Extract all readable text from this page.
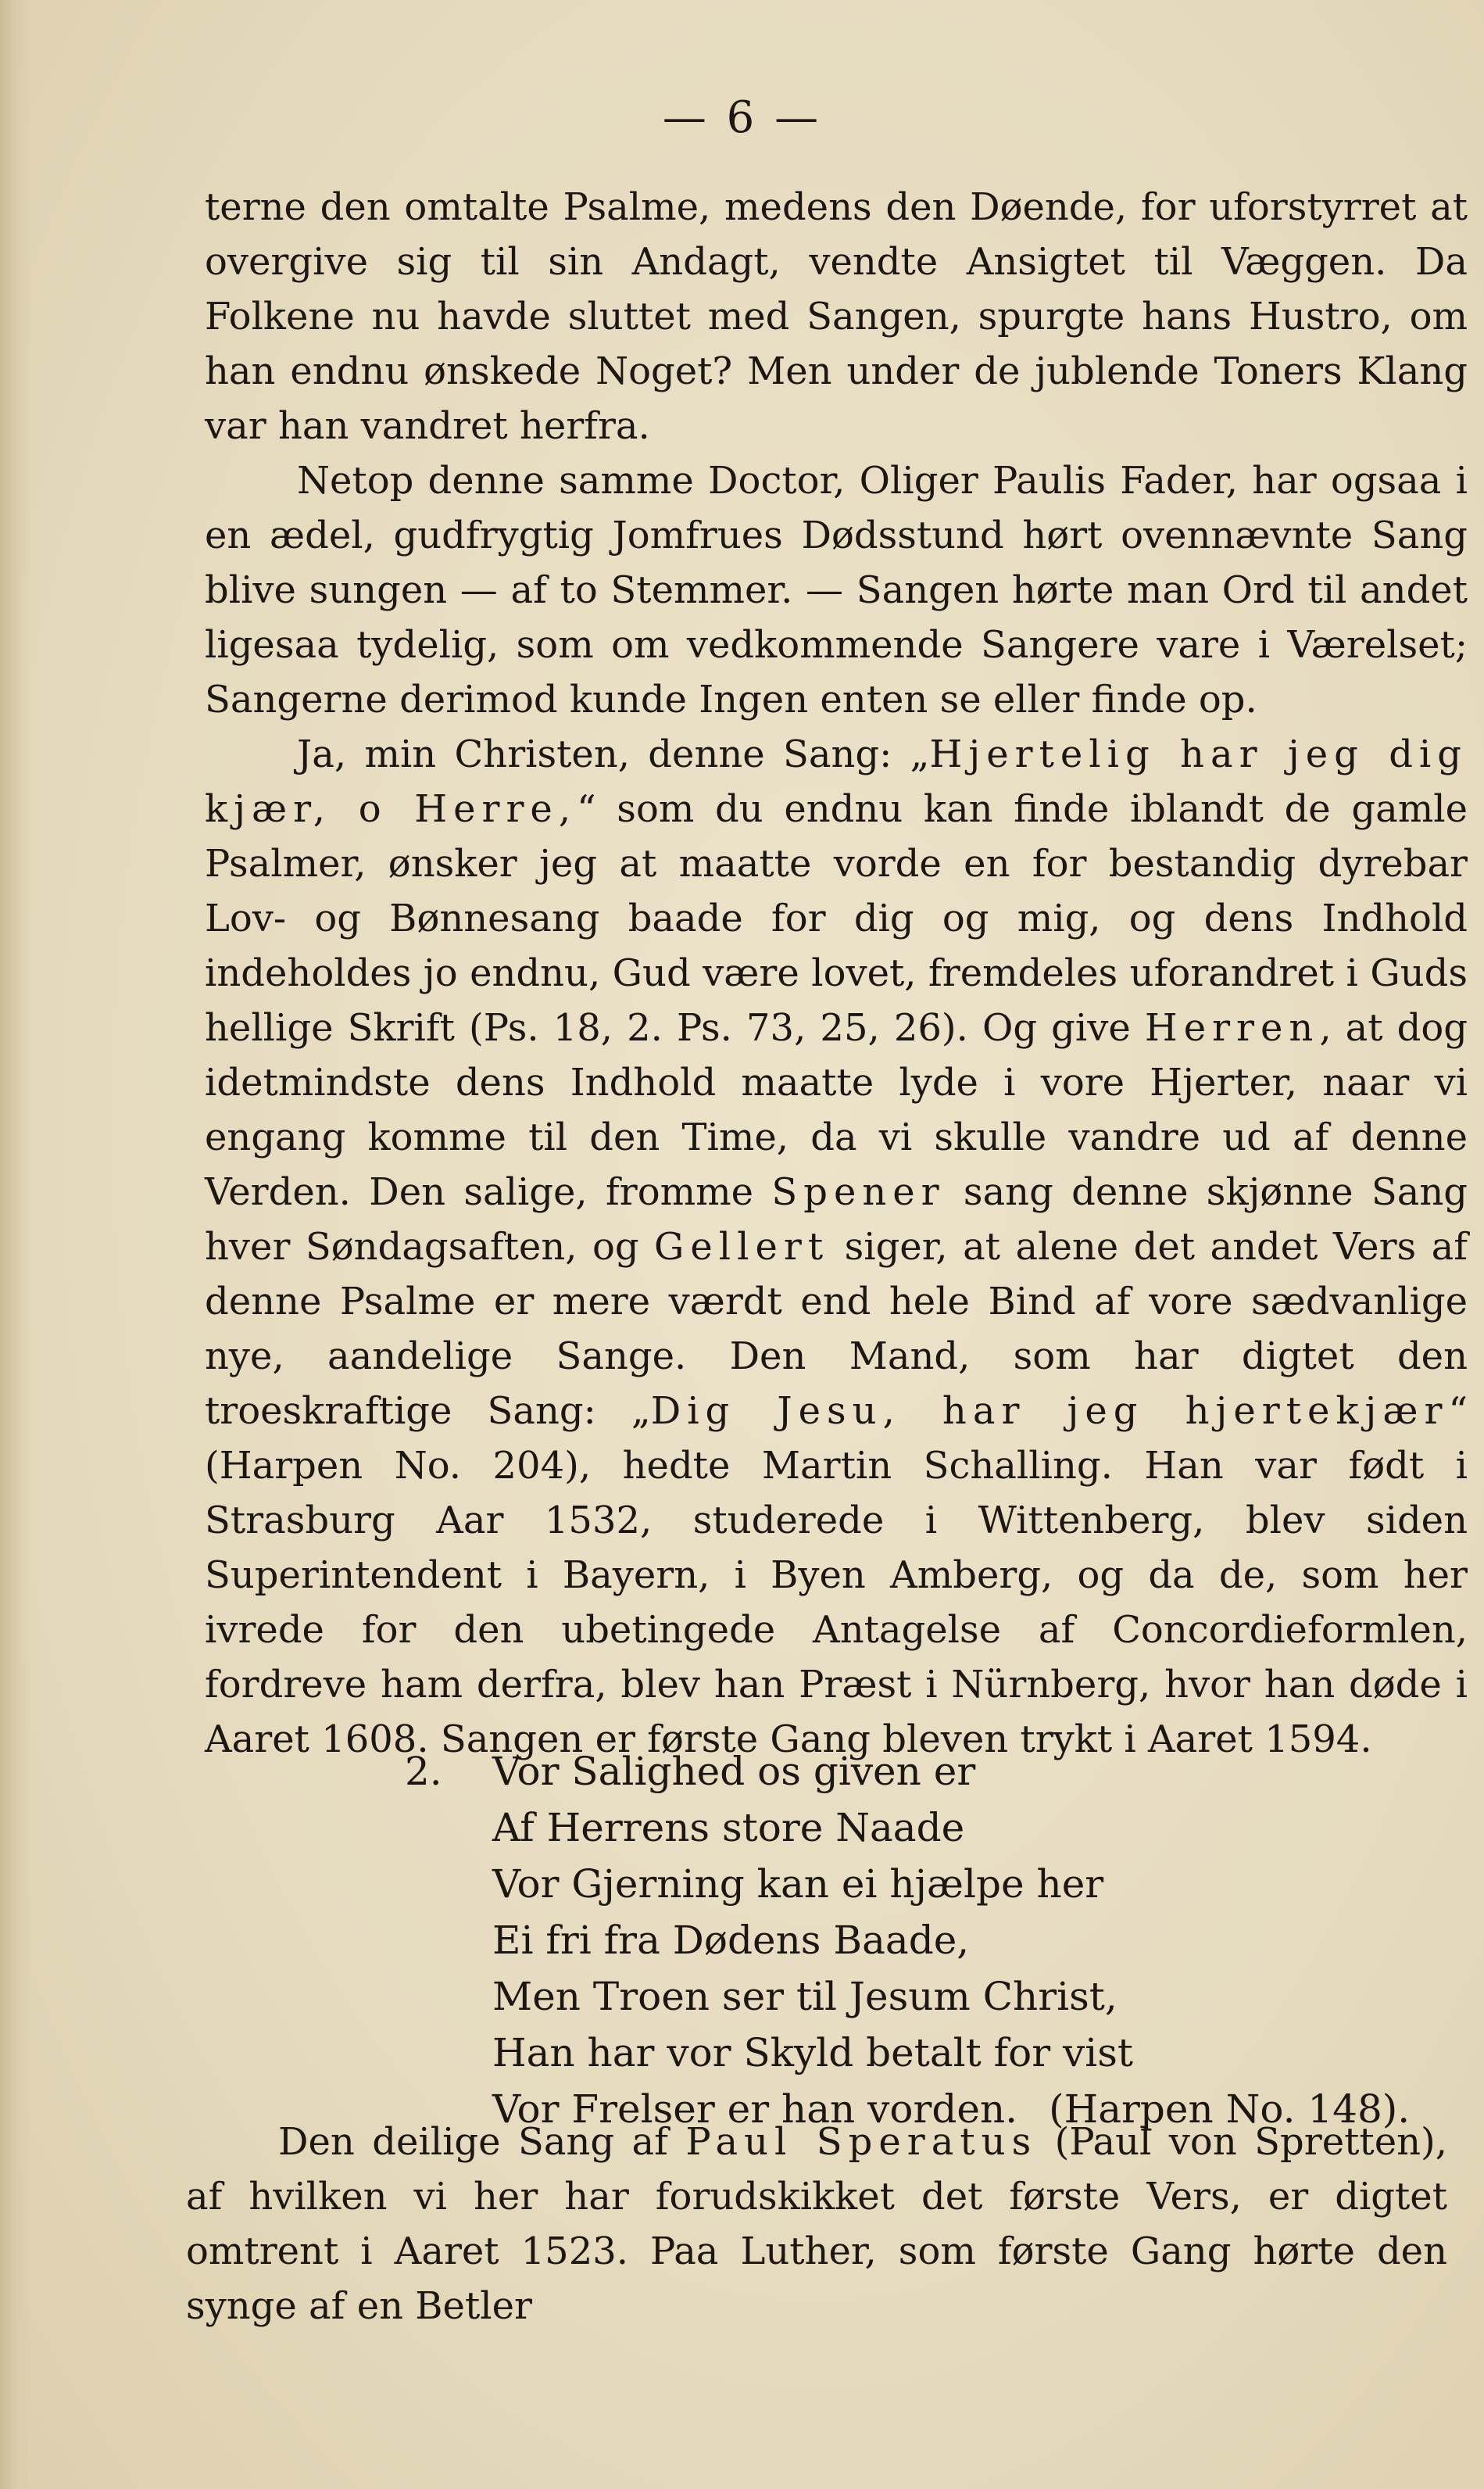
— 6 —

terne den omtalte Psalme, medens den Døende, for uforstyrret at overgive sig til sin Andagt, vendte Ansigtet til Væggen. Da Folkene nu havde sluttet med Sangen, spurgte hans Hustro, om han endnu ønskede Noget? Men under de jublende Toners Klang var han vandret herfra.

Netop denne samme Doctor, Oliger Paulis Fader, har ogsaa i en ædel, gudfrygtig Jomfrues Dødsstund hørt ovennævnte Sang blive sungen — af to Stemmer. — Sangen hørte man Ord til andet ligesaa tydelig, som om vedkommende Sangere vare i Værelset; Sangerne derimod kunde Ingen enten se eller finde op.

Ja, min Christen, denne Sang: „Hjertelig har jeg dig kjær, o Herre,“ som du endnu kan finde iblandt de gamle Psalmer, ønsker jeg at maatte vorde en for bestandig dyrebar Lov- og Bønnesang baade for dig og mig, og dens Indhold indeholdes jo endnu, Gud være lovet, fremdeles uforandret i Guds hellige Skrift (Ps. 18, 2. Ps. 73, 25, 26). Og give Herren, at dog idetmindste dens Indhold maatte lyde i vore Hjerter, naar vi engang komme til den Time, da vi skulle vandre ud af denne Verden. Den salige, fromme Spener sang denne skjønne Sang hver Søndagsaften, og Gellert siger, at alene det andet Vers af denne Psalme er mere værdt end hele Bind af vore sædvanlige nye, aandelige Sange. Den Mand, som har digtet den troeskraftige Sang: „Dig Jesu, har jeg hjertekjær“ (Harpen No. 204), hedte Martin Schalling. Han var født i Strasburg Aar 1532, studerede i Wittenberg, blev siden Superintendent i Bayern, i Byen Amberg, og da de, som her ivrede for den ubetingede Antagelse af Concordieformlen, fordreve ham derfra, blev han Præst i Nürnberg, hvor han døde i Aaret 1608. Sangen er første Gang bleven trykt i Aaret 1594.

2.	Vor Salighed os given er
Af Herrens store Naade
Vor Gjerning kan ei hjælpe her
Ei fri fra Dødens Baade,
Men Troen ser til Jesum Christ,
Han har vor Skyld betalt for vist
Vor Frelser er han vorden. (Harpen No. 148).

Den deilige Sang af Paul Speratus (Paul von Spretten), af hvilken vi her har forudskikket det første Vers, er digtet omtrent i Aaret 1523. Paa Luther, som første Gang hørte den synge af en Betler
